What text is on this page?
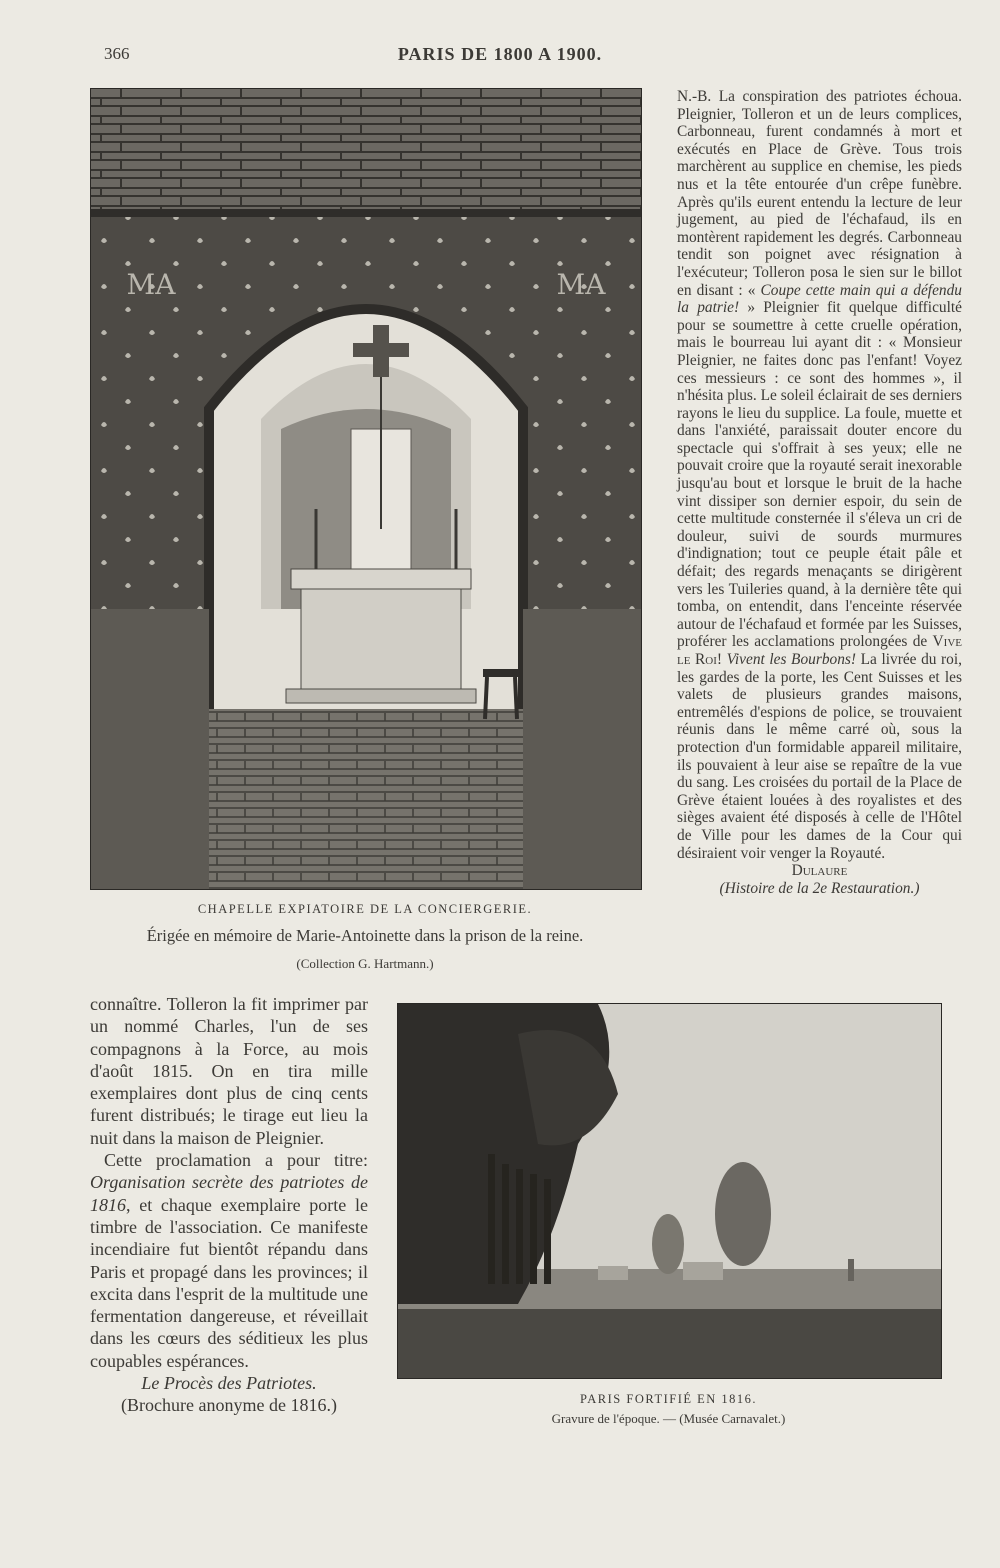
366	PARIS DE 1800 A 1900.
MA	MA
CHAPELLE EXPIATOIRE DE LA CONCIERGERIE.
Érigée en mémoire de Marie-Antoinette dans la prison de la reine.
(Collection G. Hartmann.)

N.-B. La conspiration des patriotes échoua. Pleignier, Tolleron et un de leurs complices, Carbonneau, furent condamnés à mort et exécutés en Place de Grève. Tous trois marchèrent au supplice en chemise, les pieds nus et la tête entourée d'un crêpe funèbre. Après qu'ils eurent entendu la lecture de leur jugement, au pied de l'échafaud, ils en montèrent rapidement les degrés. Carbonneau tendit son poignet avec résignation à l'exécuteur; Tolleron posa le sien sur le billot en disant : « Coupe cette main qui a défendu la patrie! » Pleignier fit quelque difficulté pour se soumettre à cette cruelle opération, mais le bourreau lui ayant dit : « Monsieur Pleignier, ne faites donc pas l'enfant! Voyez ces messieurs : ce sont des hommes », il n'hésita plus. Le soleil éclairait de ses derniers rayons le lieu du supplice. La foule, muette et dans l'anxiété, paraissait douter encore du spectacle qui s'offrait à ses yeux; elle ne pouvait croire que la royauté serait inexorable jusqu'au bout et lorsque le bruit de la hache vint dissiper son dernier espoir, du sein de cette multitude consternée il s'éleva un cri de douleur, suivi de sourds murmures d'indignation; tout ce peuple était pâle et défait; des regards menaçants se dirigèrent vers les Tuileries quand, à la dernière tête qui tomba, on entendit, dans l'enceinte réservée autour de l'échafaud et formée par les Suisses, proférer les acclamations prolongées de Vive le Roi! Vivent les Bourbons! La livrée du roi, les gardes de la porte, les Cent Suisses et les valets de plusieurs grandes maisons, entremêlés d'espions de police, se trouvaient réunis dans le même carré où, sous la protection d'un formidable appareil militaire, ils pouvaient à leur aise se repaître de la vue du sang. Les croisées du portail de la Place de Grève étaient louées à des royalistes et des sièges avaient été disposés à celle de l'Hôtel de Ville pour les dames de la Cour qui désiraient voir venger la Royauté.

Dulaure

(Histoire de la 2e Restauration.)

PARIS FORTIFIÉ EN 1816.
Gravure de l'époque. — (Musée Carnavalet.)

connaître. Tolleron la fit imprimer par un nommé Charles, l'un de ses compagnons à la Force, au mois d'août 1815. On en tira mille exemplaires dont plus de cinq cents furent distribués; le tirage eut lieu la nuit dans la maison de Pleignier.

Cette proclamation a pour titre: Organisation secrète des patriotes de 1816, et chaque exemplaire porte le timbre de l'association. Ce manifeste incendiaire fut bientôt répandu dans Paris et propagé dans les provinces; il excita dans l'esprit de la multitude une fermentation dangereuse, et réveillait dans les cœurs des séditieux les plus coupables espérances.

Le Procès des Patriotes.

(Brochure anonyme de 1816.)
